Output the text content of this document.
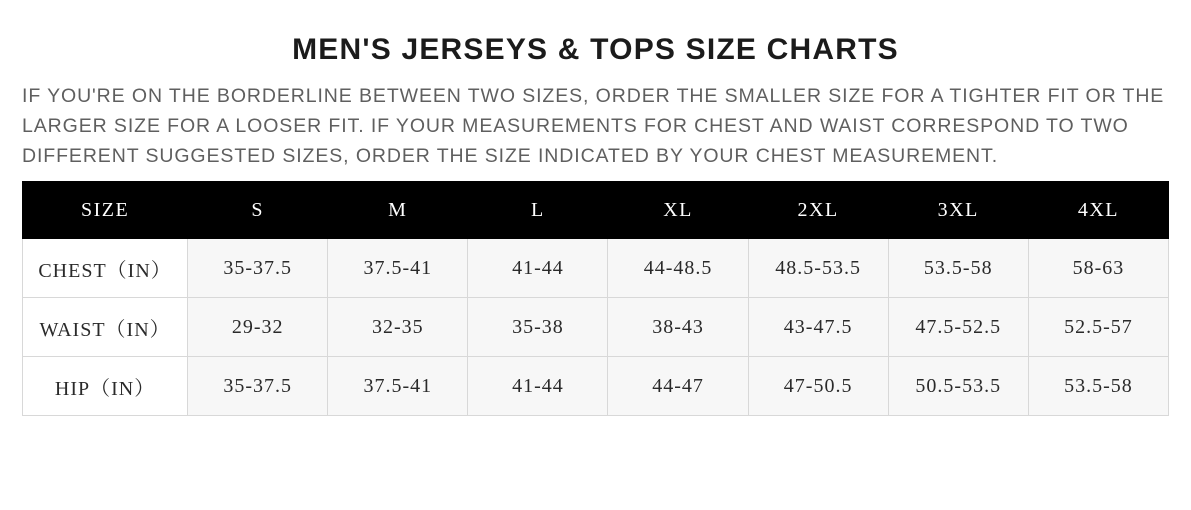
MEN'S JERSEYS & TOPS SIZE CHARTS

IF YOU'RE ON THE BORDERLINE BETWEEN TWO SIZES, ORDER THE SMALLER SIZE FOR A TIGHTER FIT OR THE LARGER SIZE FOR A LOOSER FIT. IF YOUR MEASUREMENTS FOR CHEST AND WAIST CORRESPOND TO TWO DIFFERENT SUGGESTED SIZES, ORDER THE SIZE INDICATED BY YOUR CHEST MEASUREMENT.

SIZE	S	M	L	XL	2XL	3XL	4XL
CHEST（IN）	35-37.5	37.5-41	41-44	44-48.5	48.5-53.5	53.5-58	58-63
WAIST（IN）	29-32	32-35	35-38	38-43	43-47.5	47.5-52.5	52.5-57
HIP（IN）	35-37.5	37.5-41	41-44	44-47	47-50.5	50.5-53.5	53.5-58
